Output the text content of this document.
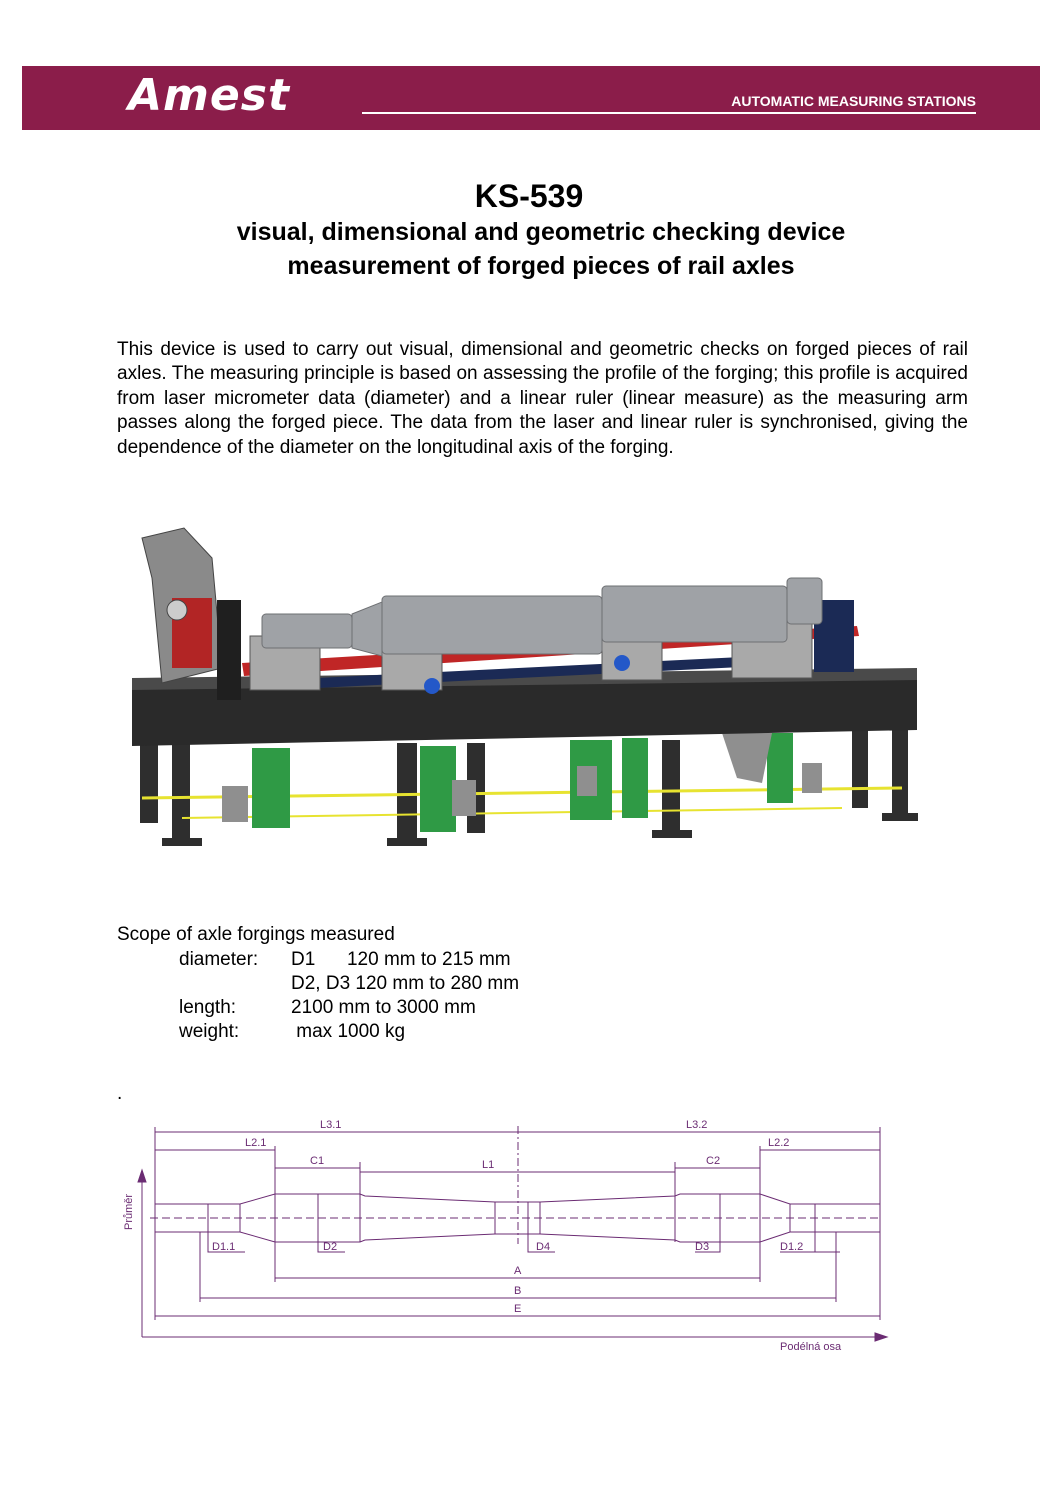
Amest	AUTOMATIC MEASURING STATIONS
KS-539
visual, dimensional and geometric checking device
measurement of forged pieces of rail axles
This device is used to carry out visual, dimensional and geometric checks on forged pieces of rail axles. The measuring principle is based on assessing the profile of the forging; this profile is acquired from laser micrometer data (diameter) and a linear ruler (linear measure) as the measuring arm passes along the forged piece. The data from the laser and linear ruler is synchronised, giving the dependence of the diameter on the longitudinal axis of the forging.
Scope of axle forgings measured
diameter: D1      120 mm to 215 mm
D2, D3 120 mm to 280 mm
length:	2100 mm to 3000 mm
weight:	max 1000 kg
.
L3.1	L3.2
L2.1	L2.2
C1	C2
L1
D1.1	D2	D4	D3	D1.2
A
B
E
Průměr
Podélná osa
